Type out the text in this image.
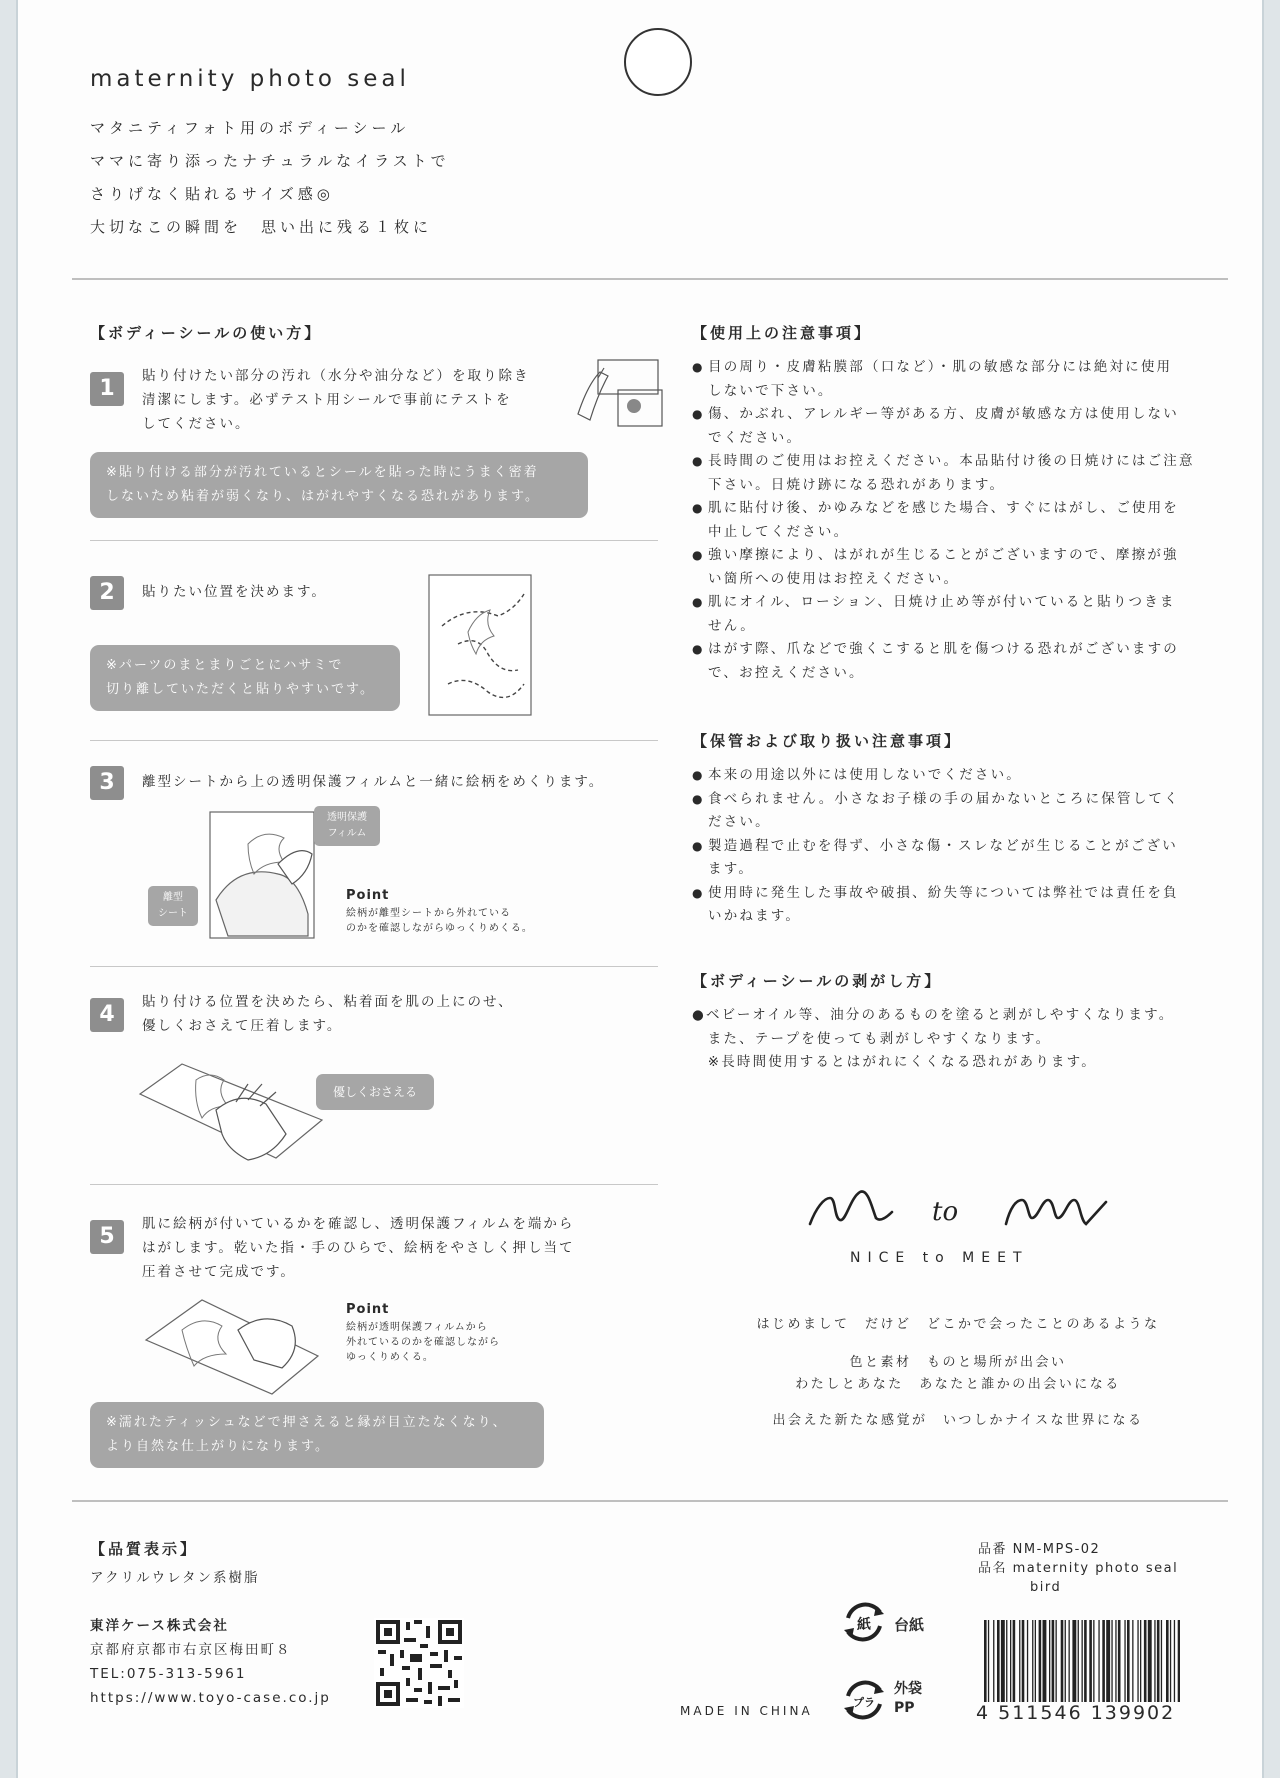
maternity photo seal
マタニティフォト用のボディーシール
ママに寄り添ったナチュラルなイラストで
さりげなく貼れるサイズ感◎
大切なこの瞬間を　思い出に残る１枚に
【ボディーシールの使い方】
1	貼り付けたい部分の汚れ（水分や油分など）を取り除き
清潔にします。必ずテスト用シールで事前にテストを
してください。
※貼り付ける部分が汚れているとシールを貼った時にうまく密着
しないため粘着が弱くなり、はがれやすくなる恐れがあります。
2	貼りたい位置を決めます。
※パーツのまとまりごとにハサミで
切り離していただくと貼りやすいです。
3	離型シートから上の透明保護フィルムと一緒に絵柄をめくります。
透明保護
フィルム
離型
シート
Point
絵柄が離型シートから外れている
のかを確認しながらゆっくりめくる。
4	貼り付ける位置を決めたら、粘着面を肌の上にのせ、
優しくおさえて圧着します。
優しくおさえる
5	肌に絵柄が付いているかを確認し、透明保護フィルムを端から
はがします。乾いた指・手のひらで、絵柄をやさしく押し当て
圧着させて完成です。
Point
絵柄が透明保護フィルムから
外れているのかを確認しながら
ゆっくりめくる。
※濡れたティッシュなどで押さえると縁が目立たなくなり、
より自然な仕上がりになります。
【使用上の注意事項】
● 目の周り・皮膚粘膜部（口など）・肌の敏感な部分には絶対に使用
しないで下さい。
● 傷、かぶれ、アレルギー等がある方、皮膚が敏感な方は使用しない
でください。
● 長時間のご使用はお控えください。本品貼付け後の日焼けにはご注意
下さい。日焼け跡になる恐れがあります。
● 肌に貼付け後、かゆみなどを感じた場合、すぐにはがし、ご使用を
中止してください。
● 強い摩擦により、はがれが生じることがございますので、摩擦が強
い箇所への使用はお控えください。
● 肌にオイル、ローション、日焼け止め等が付いていると貼りつきま
せん。
● はがす際、爪などで強くこすると肌を傷つける恐れがございますの
で、お控えください。
【保管および取り扱い注意事項】
● 本来の用途以外には使用しないでください。
● 食べられません。小さなお子様の手の届かないところに保管してく
ださい。
● 製造過程で止むを得ず、小さな傷・スレなどが生じることがござい
ます。
● 使用時に発生した事故や破損、紛失等については弊社では責任を負
いかねます。
【ボディーシールの剥がし方】
●ベビーオイル等、油分のあるものを塗ると剥がしやすくなります。
　また、テープを使っても剥がしやすくなります。
　※長時間使用するとはがれにくくなる恐れがあります。
to
NICE to MEET
はじめまして　だけど　どこかで会ったことのあるような
色と素材　ものと場所が出会い
わたしとあなた　あなたと誰かの出会いになる
出会えた新たな感覚が　いつしかナイスな世界になる
【品質表示】
アクリルウレタン系樹脂
東洋ケース株式会社
京都府京都市右京区梅田町８
TEL:075-313-5961
https://www.toyo-case.co.jp
MADE IN CHINA
紙 台紙
プラ
外袋
PP
品番 NM-MPS-02
品名 maternity photo seal
bird
4 511546 139902
